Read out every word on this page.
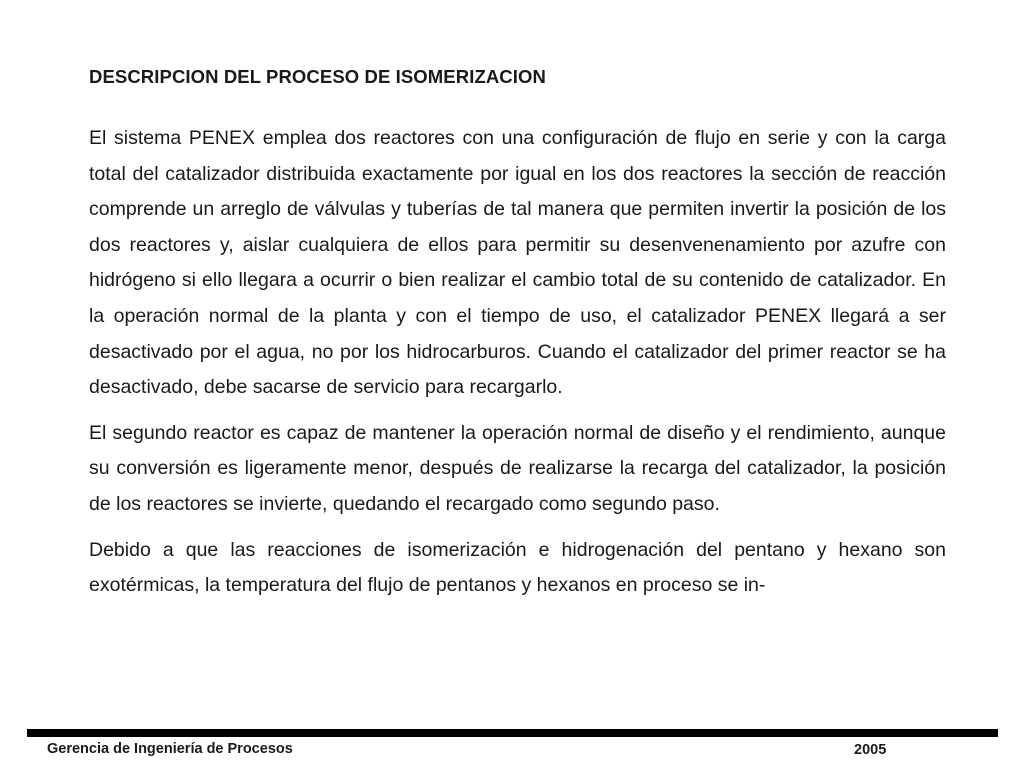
DESCRIPCION DEL PROCESO DE ISOMERIZACION

El sistema PENEX emplea dos reactores con una configuración de flujo en serie y con la carga total del catalizador distribuida exactamente por igual en los dos reactores la sección de reacción comprende un arreglo de válvulas y tuberías de tal manera que permiten invertir la posición de los dos reactores y, aislar cualquiera de ellos para permitir su desenvenenamiento por azufre con hidrógeno si ello llegara a ocurrir o bien realizar el cambio total de su contenido de catalizador. En la operación normal de la planta y con el tiempo de uso, el catalizador PENEX llegará a ser desactivado por el agua, no por los hidrocarburos. Cuando el catalizador del primer reactor se ha desactivado, debe sacarse de servicio para recargarlo.

El segundo reactor es capaz de mantener la operación normal de diseño y el rendimiento, aunque su conversión es ligeramente menor, después de realizarse la recarga del catalizador, la posición de los reactores se invierte, quedando el recargado como segundo paso.

Debido a que las reacciones de isomerización e hidrogenación del pentano y hexano son exotérmicas, la temperatura del flujo de pentanos y hexanos en proceso se in-

Gerencia de Ingeniería de Procesos	2005
